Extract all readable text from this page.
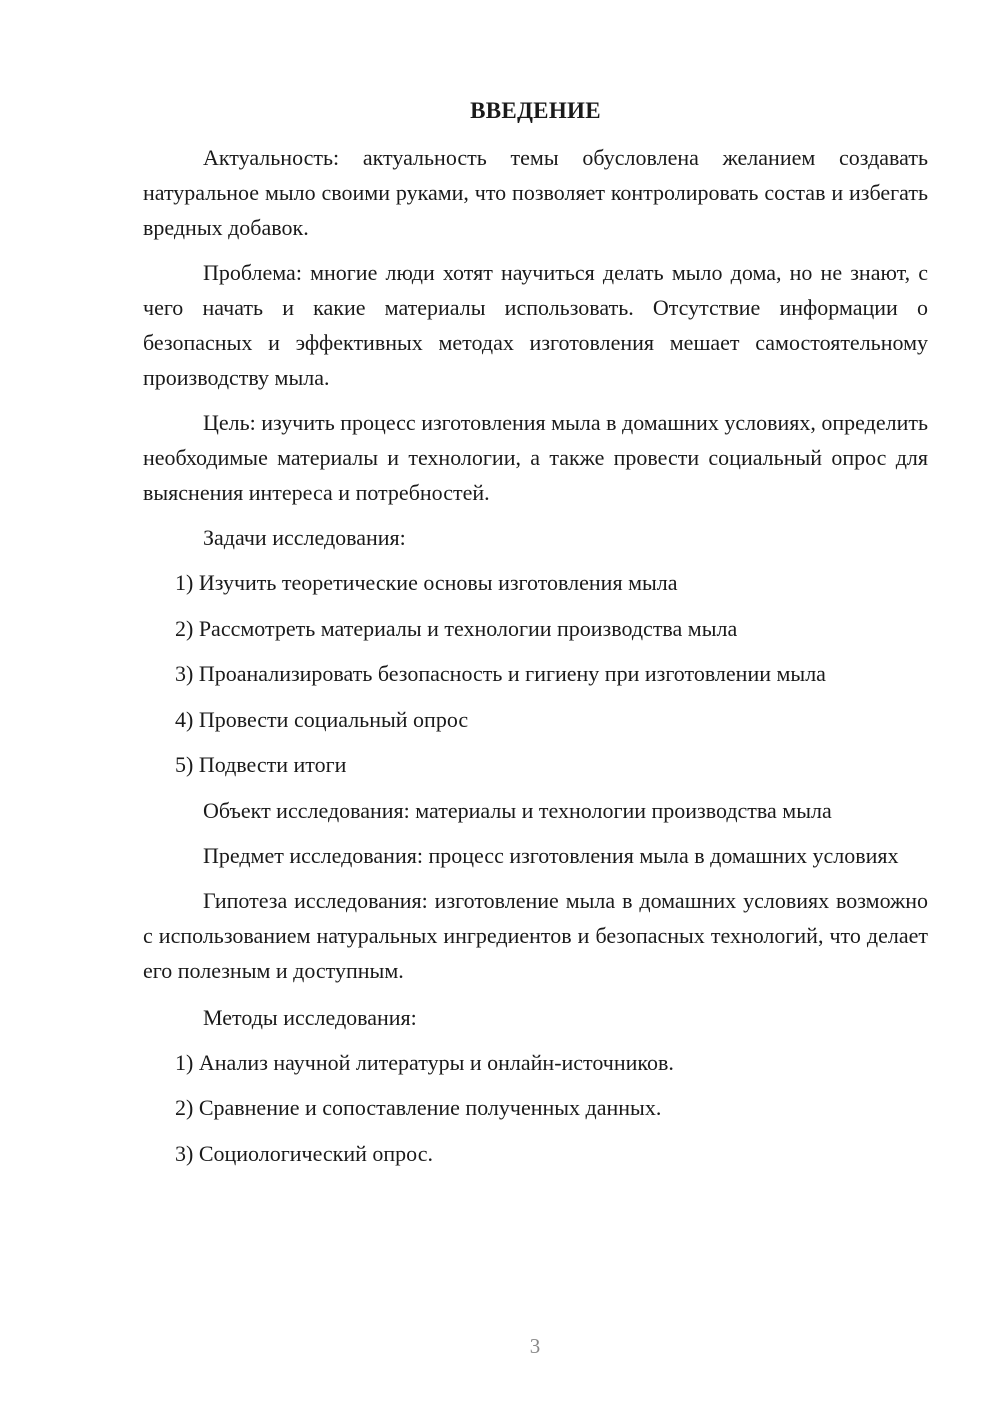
ВВЕДЕНИЕ

Актуальность: актуальность темы обусловлена желанием создавать натуральное мыло своими руками, что позволяет контролировать состав и избегать вредных добавок.

Проблема: многие люди хотят научиться делать мыло дома, но не знают, с чего начать и какие материалы использовать. Отсутствие информации о безопасных и эффективных методах изготовления мешает самостоятельному производству мыла.

Цель: изучить процесс изготовления мыла в домашних условиях, определить необходимые материалы и технологии, а также провести социальный опрос для выяснения интереса и потребностей.

Задачи исследования:
1) Изучить теоретические основы изготовления мыла
2) Рассмотреть материалы и технологии производства мыла
3) Проанализировать безопасность и гигиену при изготовлении мыла
4) Провести социальный опрос
5) Подвести итоги

Объект исследования: материалы и технологии производства мыла

Предмет исследования: процесс изготовления мыла в домашних условиях

Гипотеза исследования: изготовление мыла в домашних условиях возможно с использованием натуральных ингредиентов и безопасных технологий, что делает его полезным и доступным.

Методы исследования:
1) Анализ научной литературы и онлайн-источников.
2) Сравнение и сопоставление полученных данных.
3) Социологический опрос.
3
